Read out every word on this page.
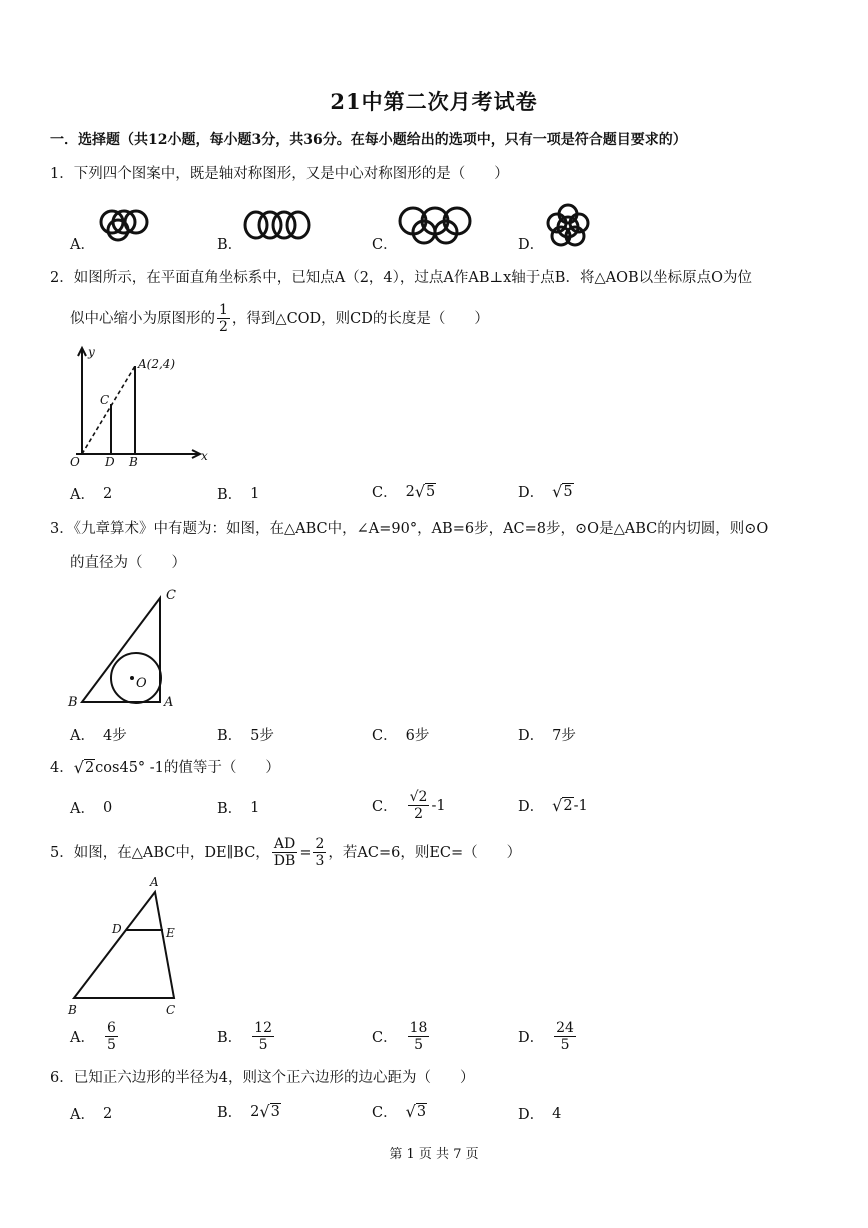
21中第二次月考试卷
一．选择题（共12小题，每小题3分，共36分。在每小题给出的选项中，只有一项是符合题目要求的）
1．下列四个图案中，既是轴对称图形，又是中心对称图形的是（　　）
A．	B．	C．	D．
2．如图所示，在平面直角坐标系中，已知点A（2，4），过点A作AB⊥x轴于点B．将△AOB以坐标原点O为位
似中心缩小为原图形的 $\frac{1}{2}$ ，得到△COD，则CD的长度是（　　）
y
x
O D B
C
A(2,4)
A． 2	B． 1	C． 2 √ 5	D． √ 5
3．《九章算术》中有题为：如图，在△ABC中，∠A=90°，AB=6步，AC=8步，⊙O是△ABC的内切圆，则⊙O
的直径为（　　）
C
B	A
O
A． 4步	B． 5步	C． 6步	D． 7步
4． √ 2 cos45° -1的值等于（　　）
A． 0	B． 1	C． $\frac{√2}{2} -1$	D． √ 2 -1
5．如图，在△ABC中，DE∥BC， $\frac{AD}{DB} = \frac{2}{3}$ ，若AC=6，则EC=（　　）
A
D	E
B	C
A． $\frac{6}{5}$	B． $\frac{12}{5}$	C． $\frac{18}{5}$	D． $\frac{24}{5}$
6．已知正六边形的半径为4，则这个正六边形的边心距为（　　）
A． 2	B． 2 √ 3	C． √ 3	D． 4
第 1 页 共 7 页
